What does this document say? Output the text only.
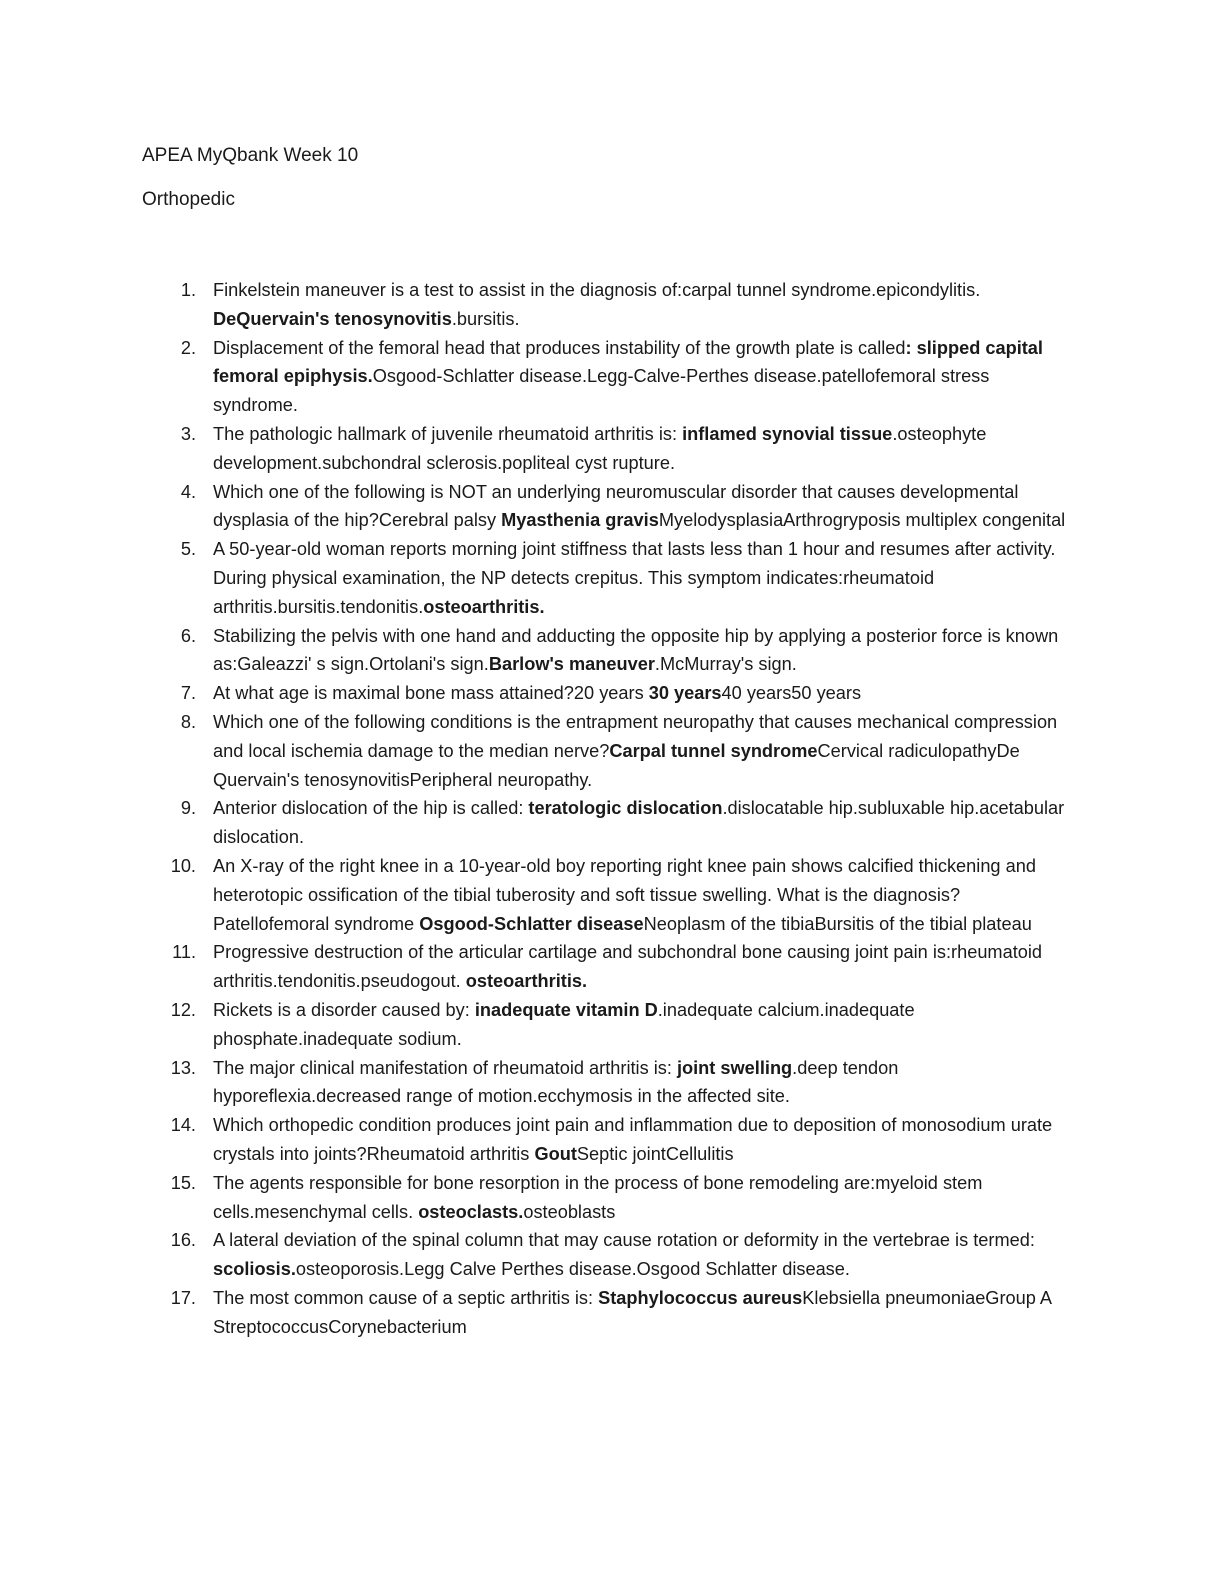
APEA MyQbank Week 10

Orthopedic

1. Finkelstein maneuver is a test to assist in the diagnosis of:carpal tunnel syndrome.epicondylitis. DeQuervain's tenosynovitis.bursitis.
2. Displacement of the femoral head that produces instability of the growth plate is called: slipped capital femoral epiphysis.Osgood-Schlatter disease.Legg-Calve-Perthes disease.patellofemoral stress syndrome.
3. The pathologic hallmark of juvenile rheumatoid arthritis is: inflamed synovial tissue.osteophyte development.subchondral sclerosis.popliteal cyst rupture.
4. Which one of the following is NOT an underlying neuromuscular disorder that causes developmental dysplasia of the hip?Cerebral palsy Myasthenia gravisMyelodysplasiaArthrogryposis multiplex congenital
5. A 50-year-old woman reports morning joint stiffness that lasts less than 1 hour and resumes after activity. During physical examination, the NP detects crepitus. This symptom indicates:rheumatoid arthritis.bursitis.tendonitis.osteoarthritis.
6. Stabilizing the pelvis with one hand and adducting the opposite hip by applying a posterior force is known as:Galeazzi' s sign.Ortolani's sign.Barlow's maneuver.McMurray's sign.
7. At what age is maximal bone mass attained?20 years 30 years40 years50 years
8. Which one of the following conditions is the entrapment neuropathy that causes mechanical compression and local ischemia damage to the median nerve?Carpal tunnel syndromeCervical radiculopathyDe Quervain's tenosynovitisPeripheral neuropathy.
9. Anterior dislocation of the hip is called: teratologic dislocation.dislocatable hip.subluxable hip.acetabular dislocation.
10. An X-ray of the right knee in a 10-year-old boy reporting right knee pain shows calcified thickening and heterotopic ossification of the tibial tuberosity and soft tissue swelling. What is the diagnosis?Patellofemoral syndrome Osgood-Schlatter diseaseNeoplasm of the tibiaBursitis of the tibial plateau
11. Progressive destruction of the articular cartilage and subchondral bone causing joint pain is:rheumatoid arthritis.tendonitis.pseudogout. osteoarthritis.
12. Rickets is a disorder caused by: inadequate vitamin D.inadequate calcium.inadequate phosphate.inadequate sodium.
13. The major clinical manifestation of rheumatoid arthritis is: joint swelling.deep tendon hyporeflexia.decreased range of motion.ecchymosis in the affected site.
14. Which orthopedic condition produces joint pain and inflammation due to deposition of monosodium urate crystals into joints?Rheumatoid arthritis GoutSeptic jointCellulitis
15. The agents responsible for bone resorption in the process of bone remodeling are:myeloid stem cells.mesenchymal cells. osteoclasts.osteoblasts
16. A lateral deviation of the spinal column that may cause rotation or deformity in the vertebrae is termed: scoliosis.osteoporosis.Legg Calve Perthes disease.Osgood Schlatter disease.
17. The most common cause of a septic arthritis is: Staphylococcus aureusKlebsiella pneumoniaeGroup A StreptococcusCorynebacterium
